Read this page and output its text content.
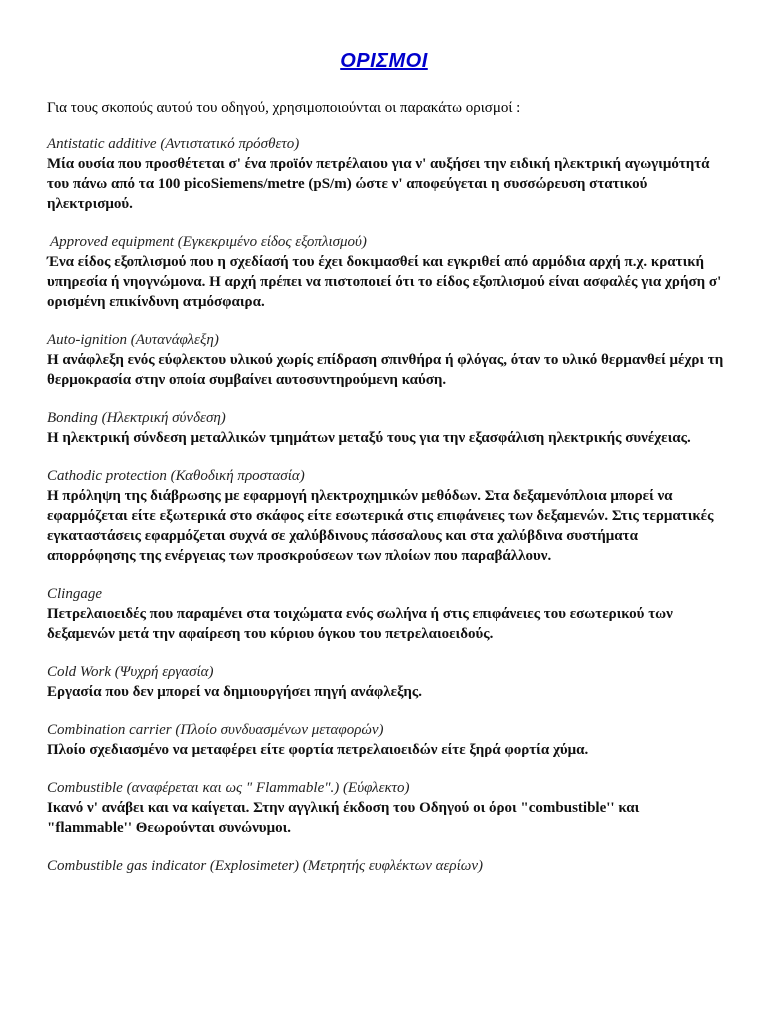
ΟΡΙΣΜΟΙ

Για τους σκοπούς αυτού του οδηγού, χρησιμοποιούνται οι παρακάτω ορισμοί :

Antistatic additive (Αντιστατικό πρόσθετο)
Μία ουσία που προσθέτεται σ' ένα προϊόν πετρέλαιου για ν' αυξήσει την ειδική ηλεκτρική αγωγιμότητά του πάνω από τα 100 picoSiemens/metre (pS/m) ώστε ν' αποφεύγεται η συσσώρευση στατικού ηλεκτρισμού.
Approved equipment (Εγκεκριμένο είδος εξοπλισμού)
Ένα είδος εξοπλισμού που η σχεδίασή του έχει δοκιμασθεί και εγκριθεί από αρμόδια αρχή π.χ. κρατική υπηρεσία ή νηογνώμονα. Η αρχή πρέπει να πιστοποιεί ότι το είδος εξοπλισμού είναι ασφαλές για χρήση σ' ορισμένη επικίνδυνη ατμόσφαιρα.
Auto-ignition (Αυτανάφλεξη)
Η ανάφλεξη ενός εύφλεκτου υλικού χωρίς επίδραση σπινθήρα ή φλόγας, όταν το υλικό θερμανθεί μέχρι τη θερμοκρασία στην οποία συμβαίνει αυτοσυντηρούμενη καύση.
Bonding (Ηλεκτρική σύνδεση)
Η ηλεκτρική σύνδεση μεταλλικών τμημάτων μεταξύ τους για την εξασφάλιση ηλεκτρικής συνέχειας.
Cathodic protection (Καθοδική προστασία)
Η πρόληψη της διάβρωσης με εφαρμογή ηλεκτροχημικών μεθόδων. Στα δεξαμενόπλοια μπορεί να εφαρμόζεται είτε εξωτερικά στο σκάφος είτε εσωτερικά στις επιφάνειες των δεξαμενών. Στις τερματικές εγκαταστάσεις εφαρμόζεται συχνά σε χαλύβδινους πάσσαλους και στα χαλύβδινα συστήματα απορρόφησης της ενέργειας των προσκρούσεων των πλοίων που παραβάλλουν.
Clingage
Πετρελαιοειδές που παραμένει στα τοιχώματα ενός σωλήνα ή στις επιφάνειες του εσωτερικού των δεξαμενών μετά την αφαίρεση του κύριου όγκου του πετρελαιοειδούς.
Cold Work (Ψυχρή εργασία)
Εργασία που δεν μπορεί να δημιουργήσει πηγή ανάφλεξης.
Combination carrier (Πλοίο συνδυασμένων μεταφορών)
Πλοίο σχεδιασμένο να μεταφέρει είτε φορτία πετρελαιοειδών είτε ξηρά φορτία χύμα.
Combustible (αναφέρεται και ως " Flammable".) (Εύφλεκτο)
Ικανό ν' ανάβει και να καίγεται. Στην αγγλική έκδοση του Οδηγού οι όροι "combustible'' και "flammable'' Θεωρούνται συνώνυμοι.
Combustible gas indicator (Explosimeter) (Μετρητής ευφλέκτων αερίων)
